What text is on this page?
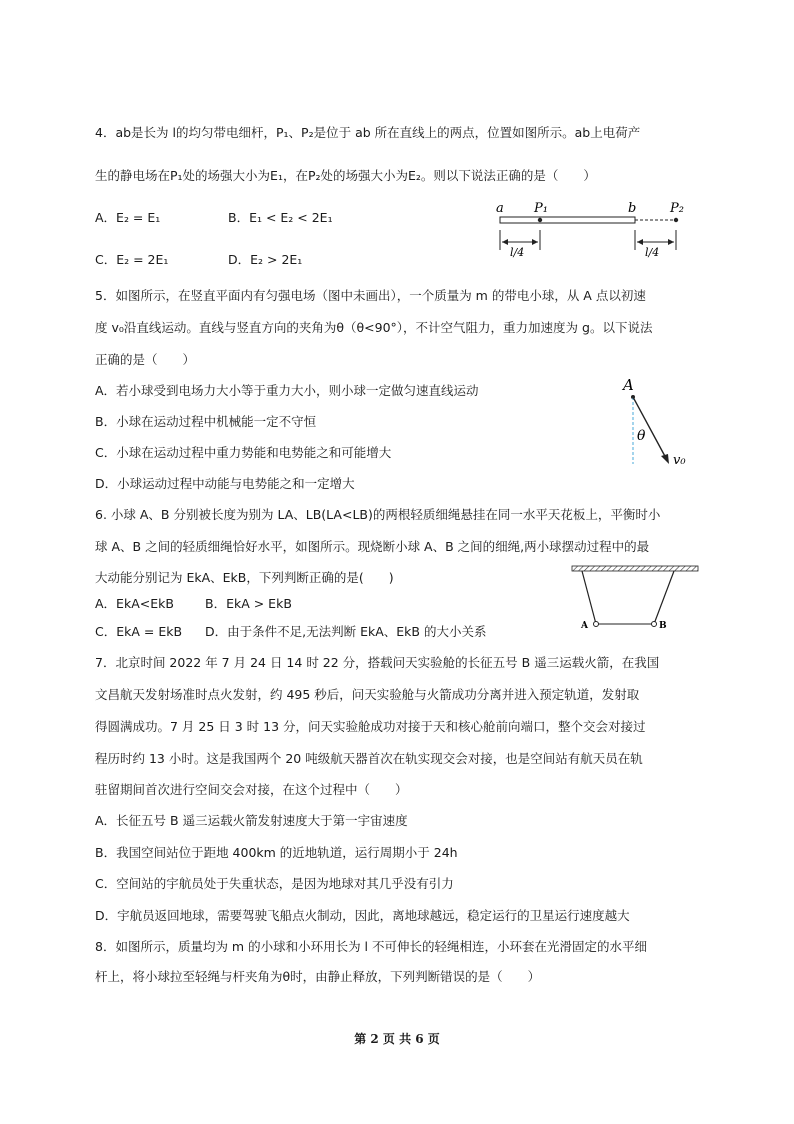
4．ab是长为 l的均匀带电细杆，P₁、P₂是位于 ab 所在直线上的两点，位置如图所示。ab上电荷产
生的静电场在P₁处的场强大小为E₁，在P₂处的场强大小为E₂。则以下说法正确的是（　　）
A．E₂ = E₁	B．E₁ < E₂ < 2E₁
C．E₂ = 2E₁	D．E₂ > 2E₁
a P₁	b	P₂
l/4	l/4
5．如图所示，在竖直平面内有匀强电场（图中未画出），一个质量为 m 的带电小球，从 A 点以初速
度 v₀沿直线运动。直线与竖直方向的夹角为θ（θ<90°），不计空气阻力，重力加速度为 g。以下说法
正确的是（　　）
A．若小球受到电场力大小等于重力大小，则小球一定做匀速直线运动
B．小球在运动过程中机械能一定不守恒
C．小球在运动过程中重力势能和电势能之和可能增大
D．小球运动过程中动能与电势能之和一定增大
A
θ
v₀
6. 小球 A、B 分别被长度为别为 LA、LB(LA<LB)的两根轻质细绳悬挂在同一水平天花板上，平衡时小
球 A、B 之间的轻质细绳恰好水平，如图所示。现烧断小球 A、B 之间的细绳,两小球摆动过程中的最
大动能分别记为 EkA、EkB，下列判断正确的是(　　)
A．EkA<EkB B．EkA > EkB
C．EkA = EkB D．由于条件不足,无法判断 EkA、EkB 的大小关系	A	B
7．北京时间 2022 年 7 月 24 日 14 时 22 分，搭载问天实验舱的长征五号 B 遥三运载火箭，在我国
文昌航天发射场准时点火发射，约 495 秒后，问天实验舱与火箭成功分离并进入预定轨道，发射取
得圆满成功。7 月 25 日 3 时 13 分，问天实验舱成功对接于天和核心舱前向端口，整个交会对接过
程历时约 13 小时。这是我国两个 20 吨级航天器首次在轨实现交会对接，也是空间站有航天员在轨
驻留期间首次进行空间交会对接，在这个过程中（　　）
A．长征五号 B 遥三运载火箭发射速度大于第一宇宙速度
B．我国空间站位于距地 400km 的近地轨道，运行周期小于 24h
C．空间站的宇航员处于失重状态，是因为地球对其几乎没有引力
D．宇航员返回地球，需要驾驶飞船点火制动，因此，离地球越远，稳定运行的卫星运行速度越大
8．如图所示，质量均为 m 的小球和小环用长为 l 不可伸长的轻绳相连，小环套在光滑固定的水平细
杆上，将小球拉至轻绳与杆夹角为θ时，由静止释放，下列判断错误的是（　　）
第 2 页 共 6 页
